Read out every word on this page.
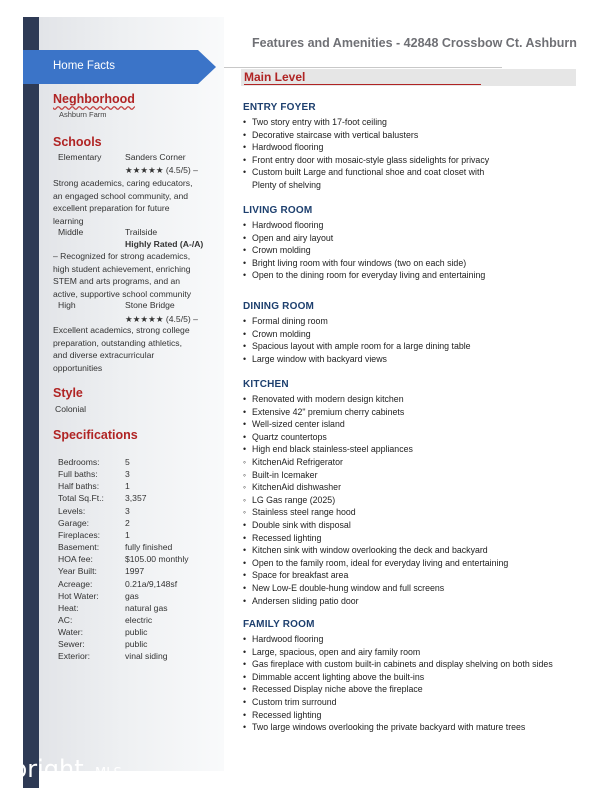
Home Facts
Neghborhood
Ashburn Farm
Schools
Elementary	Sanders Corner
★★★★★ (4.5/5) –
Strong academics, caring educators,
an engaged school community, and
excellent preparation for future
learning
Middle	Trailside
Highly Rated (A-/A)
– Recognized for strong academics,
high student achievement, enriching
STEM and arts programs, and an
active, supportive school community
High	Stone Bridge
★★★★★ (4.5/5) –
Excellent academics, strong college
preparation, outstanding athletics,
and diverse extracurricular
opportunities
Style
Colonial
Specifications
Bedrooms:	5
Full baths:	3
Half baths:	1
Total Sq.Ft.: 3,357
Levels:	3
Garage:	2
Fireplaces:	1
Basement:	fully finished
HOA fee:	$105.00 monthly
Year Built:	1997
Acreage:	0.21a/9,148sf
Hot Water:	gas
Heat:	natural gas
AC:	electric
Water:	public
Sewer:	public
Exterior:	vinal siding
Features and Amenities - 42848 Crossbow Ct. Ashburn
Main Level
ENTRY FOYER
• Two story entry with 17-foot ceiling
• Decorative staircase with vertical balusters
• Hardwood flooring
• Front entry door with mosaic-style glass sidelights for privacy
• Custom built Large and functional shoe and coat closet with
Plenty of shelving
LIVING ROOM
• Hardwood flooring
• Open and airy layout
• Crown molding
• Bright living room with four windows (two on each side)
• Open to the dining room for everyday living and entertaining
DINING ROOM
• Formal dining room
• Crown molding
• Spacious layout with ample room for a large dining table
• Large window with backyard views
KITCHEN
• Renovated with modern design kitchen
• Extensive 42" premium cherry cabinets
• Well-sized center island
• Quartz countertops
• High end black stainless-steel appliances
◦ KitchenAid Refrigerator
◦ Built-in Icemaker
◦ KitchenAid dishwasher
◦ LG Gas range (2025)
◦ Stainless steel range hood
• Double sink with disposal
• Recessed lighting
• Kitchen sink with window overlooking the deck and backyard
• Open to the family room, ideal for everyday living and entertaining
• Space for breakfast area
• New Low-E double-hung window and full screens
• Andersen sliding patio door
FAMILY ROOM
• Hardwood flooring
• Large, spacious, open and airy family room
• Gas fireplace with custom built-in cabinets and display shelving on both sides
• Dimmable accent lighting above the built-ins
• Recessed Display niche above the fireplace
• Custom trim surround
• Recessed lighting
• Two large windows overlooking the private backyard with mature trees
bright MLS
